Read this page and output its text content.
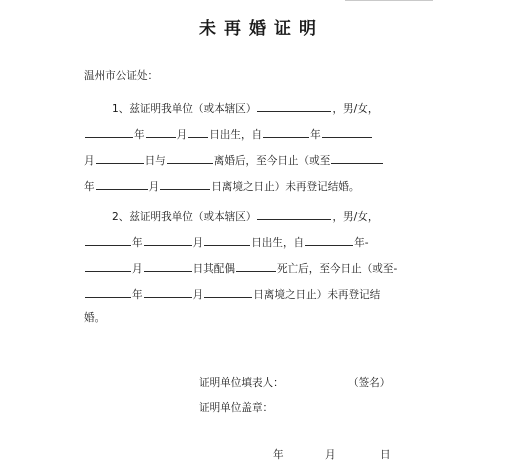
未再婚证明
温州市公证处：
1、兹证明我单位（或本辖区）	，男/女，
年	月 日出生，自	年
月	日与	离婚后，至今日止（或至
年	月	日离境之日止）未再登记结婚。
2、兹证明我单位（或本辖区）	，男/女，
年	月	日出生，自	年-
月	日其配偶	死亡后，至今日止（或至-
年	月	日离境之日止）未再登记结
婚。
证明单位填表人：	（签名）
证明单位盖章：
年	月	日
